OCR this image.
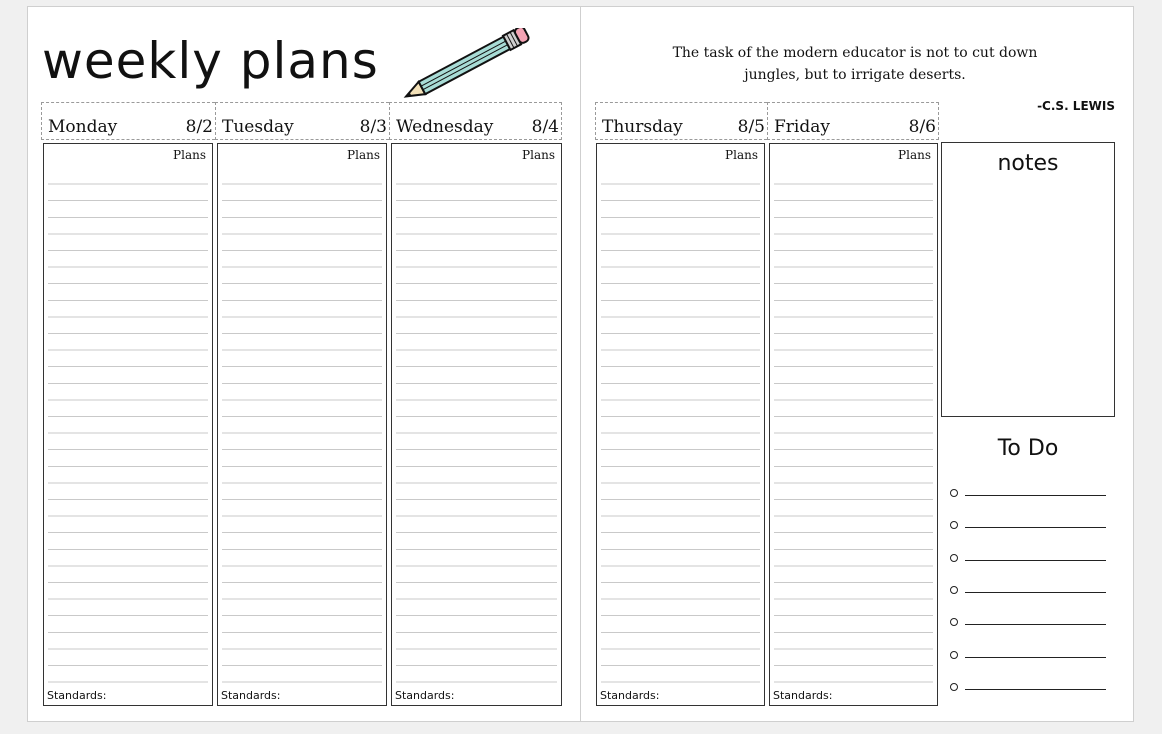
weekly plans	The task of the modern educator is not to cut down
jungles, but to irrigate deserts.
-C.S. LEWIS
Monday	8/2 Tuesday	8/3 Wednesday 8/4	Thursday	8/5 Friday	8/6
Plans
Standards:
Plans
Standards:
Plans
Standards:
Plans
Standards:
Plans
Standards:
notes
To Do
